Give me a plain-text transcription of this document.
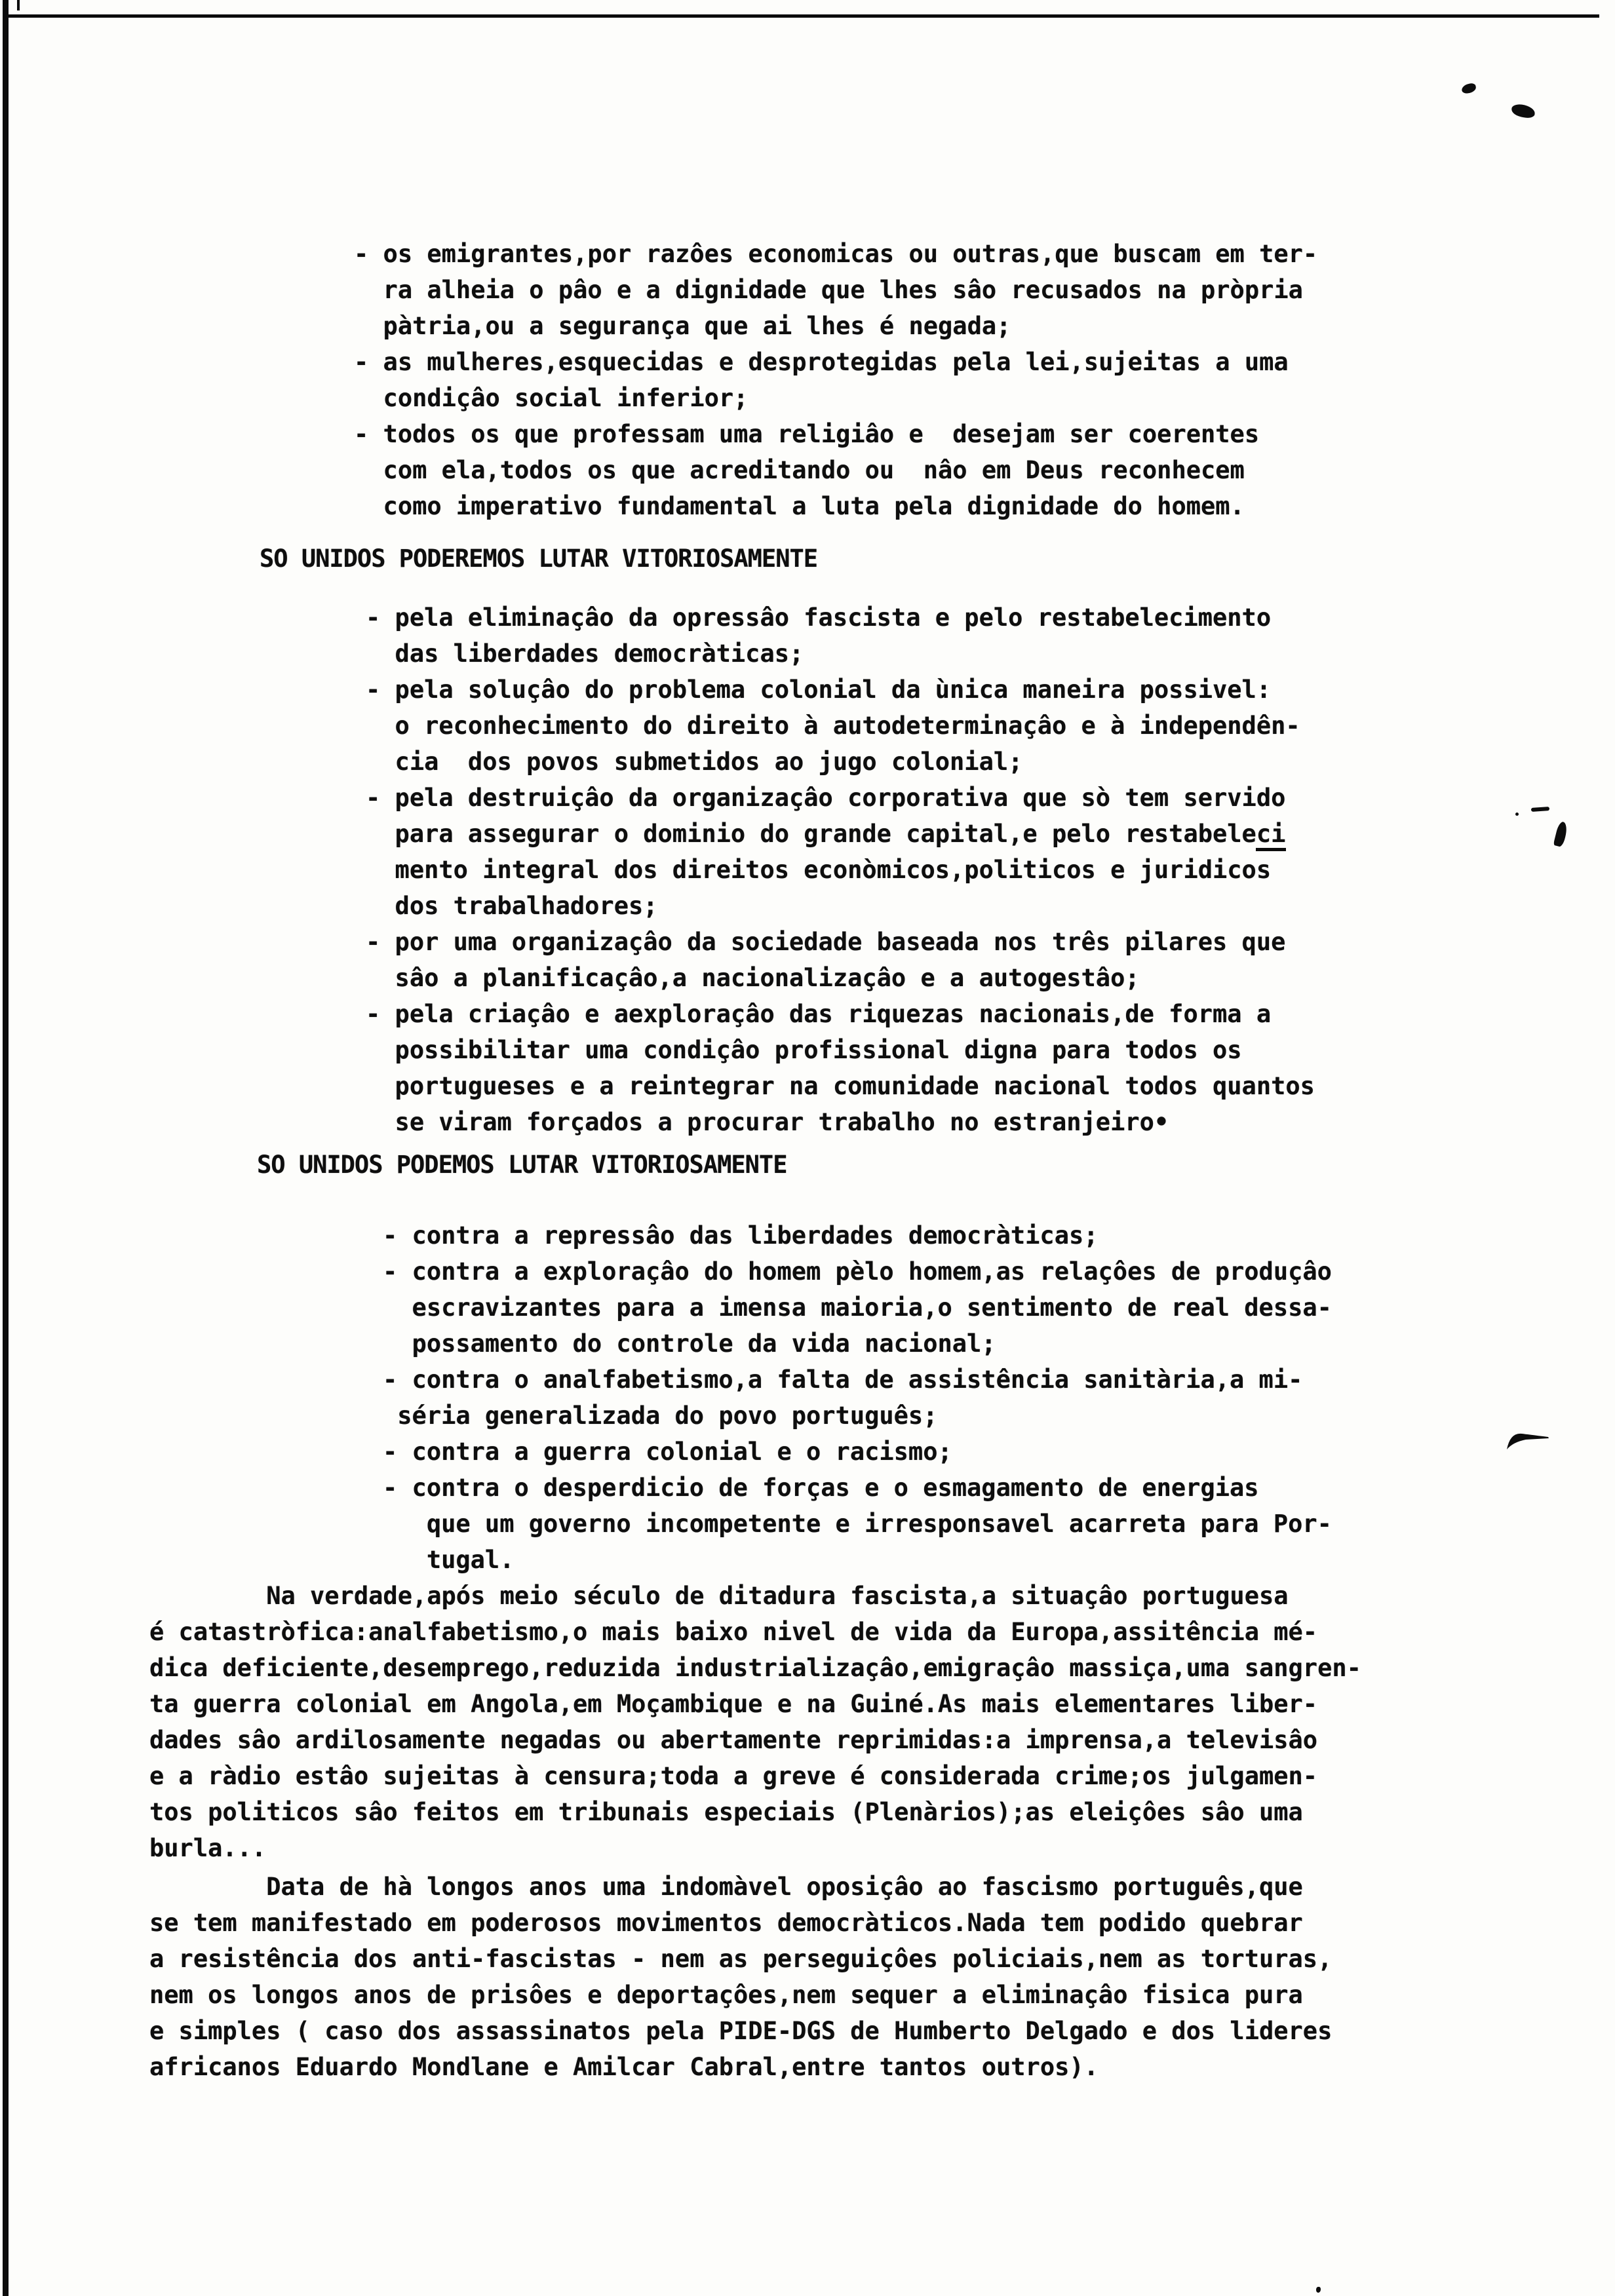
- os emigrantes,por razôes economicas ou outras,que buscam em ter-
ra alheia o pâo e a dignidade que lhes sâo recusados na pròpria
pàtria,ou a segurança que ai lhes é negada;
- as mulheres,esquecidas e desprotegidas pela lei,sujeitas a uma
condiçâo social inferior;
- todos os que professam uma religiâo e  desejam ser coerentes
com ela,todos os que acreditando ou  nâo em Deus reconhecem
como imperativo fundamental a luta pela dignidade do homem.
SO UNIDOS PODEREMOS LUTAR VITORIOSAMENTE
- pela eliminaçâo da opressâo fascista e pelo restabelecimento
das liberdades democràticas;
- pela soluçâo do problema colonial da ùnica maneira possivel:
o reconhecimento do direito à autodeterminaçâo e à independên-
cia  dos povos submetidos ao jugo colonial;
- pela destruiçâo da organizaçâo corporativa que sò tem servido
para assegurar o dominio do grande capital,e pelo restabeleci
mento integral dos direitos econòmicos,politicos e juridicos
dos trabalhadores;
- por uma organizaçâo da sociedade baseada nos três pilares que
sâo a planificaçâo,a nacionalizaçâo e a autogestâo;
- pela criaçâo e aexploraçâo das riquezas nacionais,de forma a
possibilitar uma condiçâo profissional digna para todos os
portugueses e a reintegrar na comunidade nacional todos quantos
se viram forçados a procurar trabalho no estranjeiro•
SO UNIDOS PODEMOS LUTAR VITORIOSAMENTE
- contra a repressâo das liberdades democràticas;
- contra a exploraçâo do homem pèlo homem,as relaçôes de produçâo
escravizantes para a imensa maioria,o sentimento de real dessa-
possamento do controle da vida nacional;
- contra o analfabetismo,a falta de assistência sanitària,a mi-
séria generalizada do povo português;
- contra a guerra colonial e o racismo;
- contra o desperdicio de forças e o esmagamento de energias
que um governo incompetente e irresponsavel acarreta para Por-
tugal.
Na verdade,após meio século de ditadura fascista,a situaçâo portuguesa
é catastròfica:analfabetismo,o mais baixo nivel de vida da Europa,assitência mé-
dica deficiente,desemprego,reduzida industrializaçâo,emigraçâo massiça,uma sangren-
ta guerra colonial em Angola,em Moçambique e na Guiné.As mais elementares liber-
dades sâo ardilosamente negadas ou abertamente reprimidas:a imprensa,a televisâo
e a ràdio estâo sujeitas à censura;toda a greve é considerada crime;os julgamen-
tos politicos sâo feitos em tribunais especiais (Plenàrios);as eleiçôes sâo uma
burla...
Data de hà longos anos uma indomàvel oposiçâo ao fascismo português,que
se tem manifestado em poderosos movimentos democràticos.Nada tem podido quebrar
a resistência dos anti-fascistas - nem as perseguiçôes policiais,nem as torturas,
nem os longos anos de prisôes e deportaçôes,nem sequer a eliminaçâo fisica pura
e simples ( caso dos assassinatos pela PIDE-DGS de Humberto Delgado e dos lideres
africanos Eduardo Mondlane e Amilcar Cabral,entre tantos outros).
